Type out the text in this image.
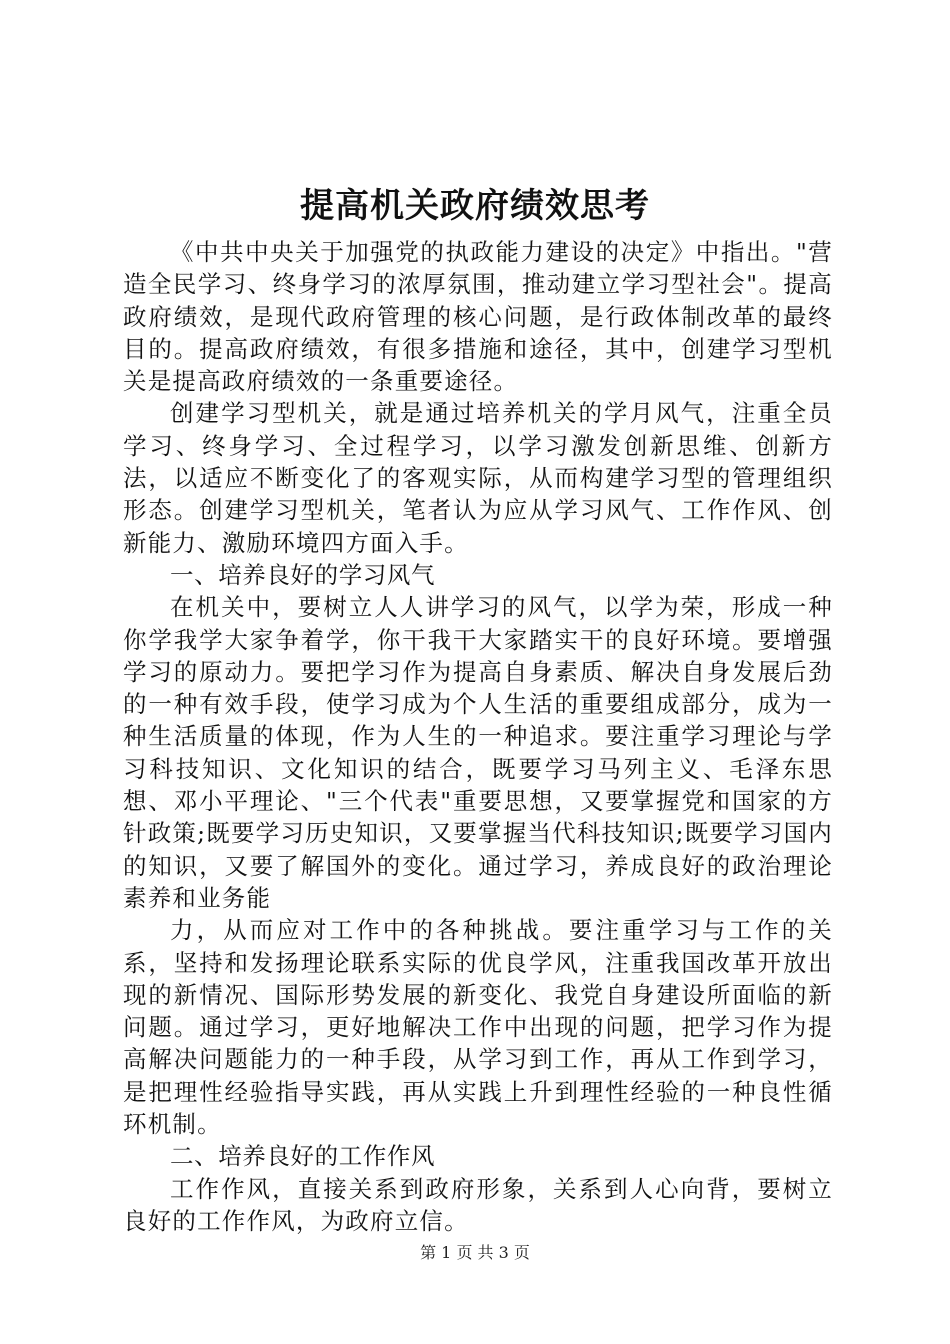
提高机关政府绩效思考

《中共中央关于加强党的执政能力建设的决定》中指出。"营造全民学习、终身学习的浓厚氛围，推动建立学习型社会"。提高政府绩效，是现代政府管理的核心问题，是行政体制改革的最终目的。提高政府绩效，有很多措施和途径，其中，创建学习型机关是提高政府绩效的一条重要途径。

创建学习型机关，就是通过培养机关的学月风气，注重全员学习、终身学习、全过程学习，以学习激发创新思维、创新方法，以适应不断变化了的客观实际，从而构建学习型的管理组织形态。创建学习型机关，笔者认为应从学习风气、工作作风、创新能力、激励环境四方面入手。

一、培养良好的学习风气

在机关中，要树立人人讲学习的风气，以学为荣，形成一种你学我学大家争着学，你干我干大家踏实干的良好环境。要增强学习的原动力。要把学习作为提高自身素质、解决自身发展后劲的一种有效手段，使学习成为个人生活的重要组成部分，成为一种生活质量的体现，作为人生的一种追求。要注重学习理论与学习科技知识、文化知识的结合，既要学习马列主义、毛泽东思想、邓小平理论、"三个代表"重要思想，又要掌握党和国家的方针政策;既要学习历史知识，又要掌握当代科技知识;既要学习国内的知识，又要了解国外的变化。通过学习，养成良好的政治理论素养和业务能

力，从而应对工作中的各种挑战。要注重学习与工作的关系，坚持和发扬理论联系实际的优良学风，注重我国改革开放出现的新情况、国际形势发展的新变化、我党自身建设所面临的新问题。通过学习，更好地解决工作中出现的问题，把学习作为提高解决问题能力的一种手段，从学习到工作，再从工作到学习，是把理性经验指导实践，再从实践上升到理性经验的一种良性循环机制。

二、培养良好的工作作风

工作作风，直接关系到政府形象，关系到人心向背，要树立良好的工作作风，为政府立信。

第 1 页 共 3 页
